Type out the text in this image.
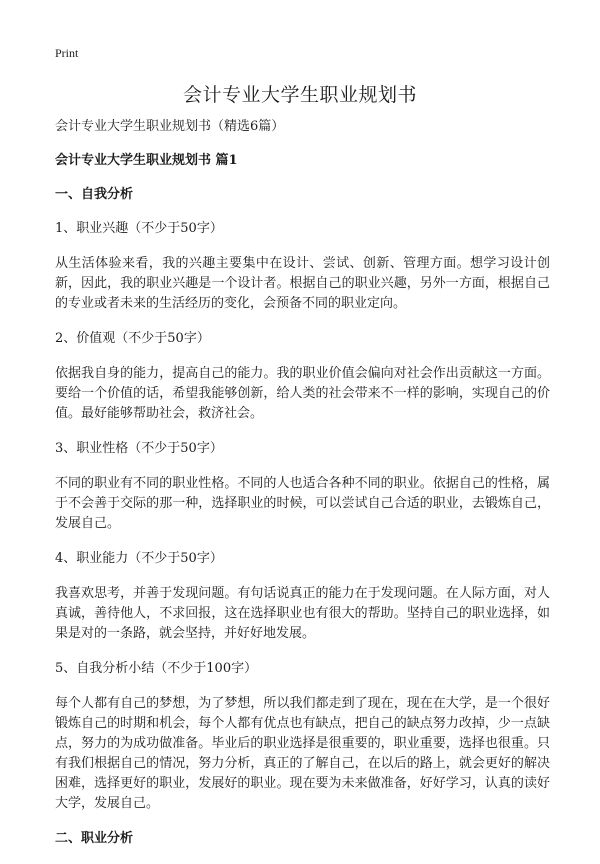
Print
会计专业大学生职业规划书

会计专业大学生职业规划书（精选6篇）

会计专业大学生职业规划书 篇1

一、自我分析

1、职业兴趣（不少于50字）

从生活体验来看，我的兴趣主要集中在设计、尝试、创新、管理方面。想学习设计创新，因此，我的职业兴趣是一个设计者。根据自己的职业兴趣，另外一方面，根据自己的专业或者未来的生活经历的变化，会预备不同的职业定向。

2、价值观（不少于50字）

依据我自身的能力，提高自己的能力。我的职业价值会偏向对社会作出贡献这一方面。要给一个价值的话，希望我能够创新，给人类的社会带来不一样的影响，实现自己的价值。最好能够帮助社会，救济社会。

3、职业性格（不少于50字）

不同的职业有不同的职业性格。不同的人也适合各种不同的职业。依据自己的性格，属于不会善于交际的那一种，选择职业的时候，可以尝试自己合适的职业，去锻炼自己，发展自己。

4、职业能力（不少于50字）

我喜欢思考，并善于发现问题。有句话说真正的能力在于发现问题。在人际方面，对人真诚，善待他人，不求回报，这在选择职业也有很大的帮助。坚持自己的职业选择，如果是对的一条路，就会坚持，并好好地发展。

5、自我分析小结（不少于100字）

每个人都有自己的梦想，为了梦想，所以我们都走到了现在，现在在大学，是一个很好锻炼自己的时期和机会，每个人都有优点也有缺点，把自己的缺点努力改掉，少一点缺点，努力的为成功做准备。毕业后的职业选择是很重要的，职业重要，选择也很重。只有我们根据自己的情况，努力分析，真正的了解自己，在以后的路上，就会更好的解决困难，选择更好的职业，发展好的职业。现在要为未来做准备，好好学习，认真的读好大学，发展自己。

二、职业分析
